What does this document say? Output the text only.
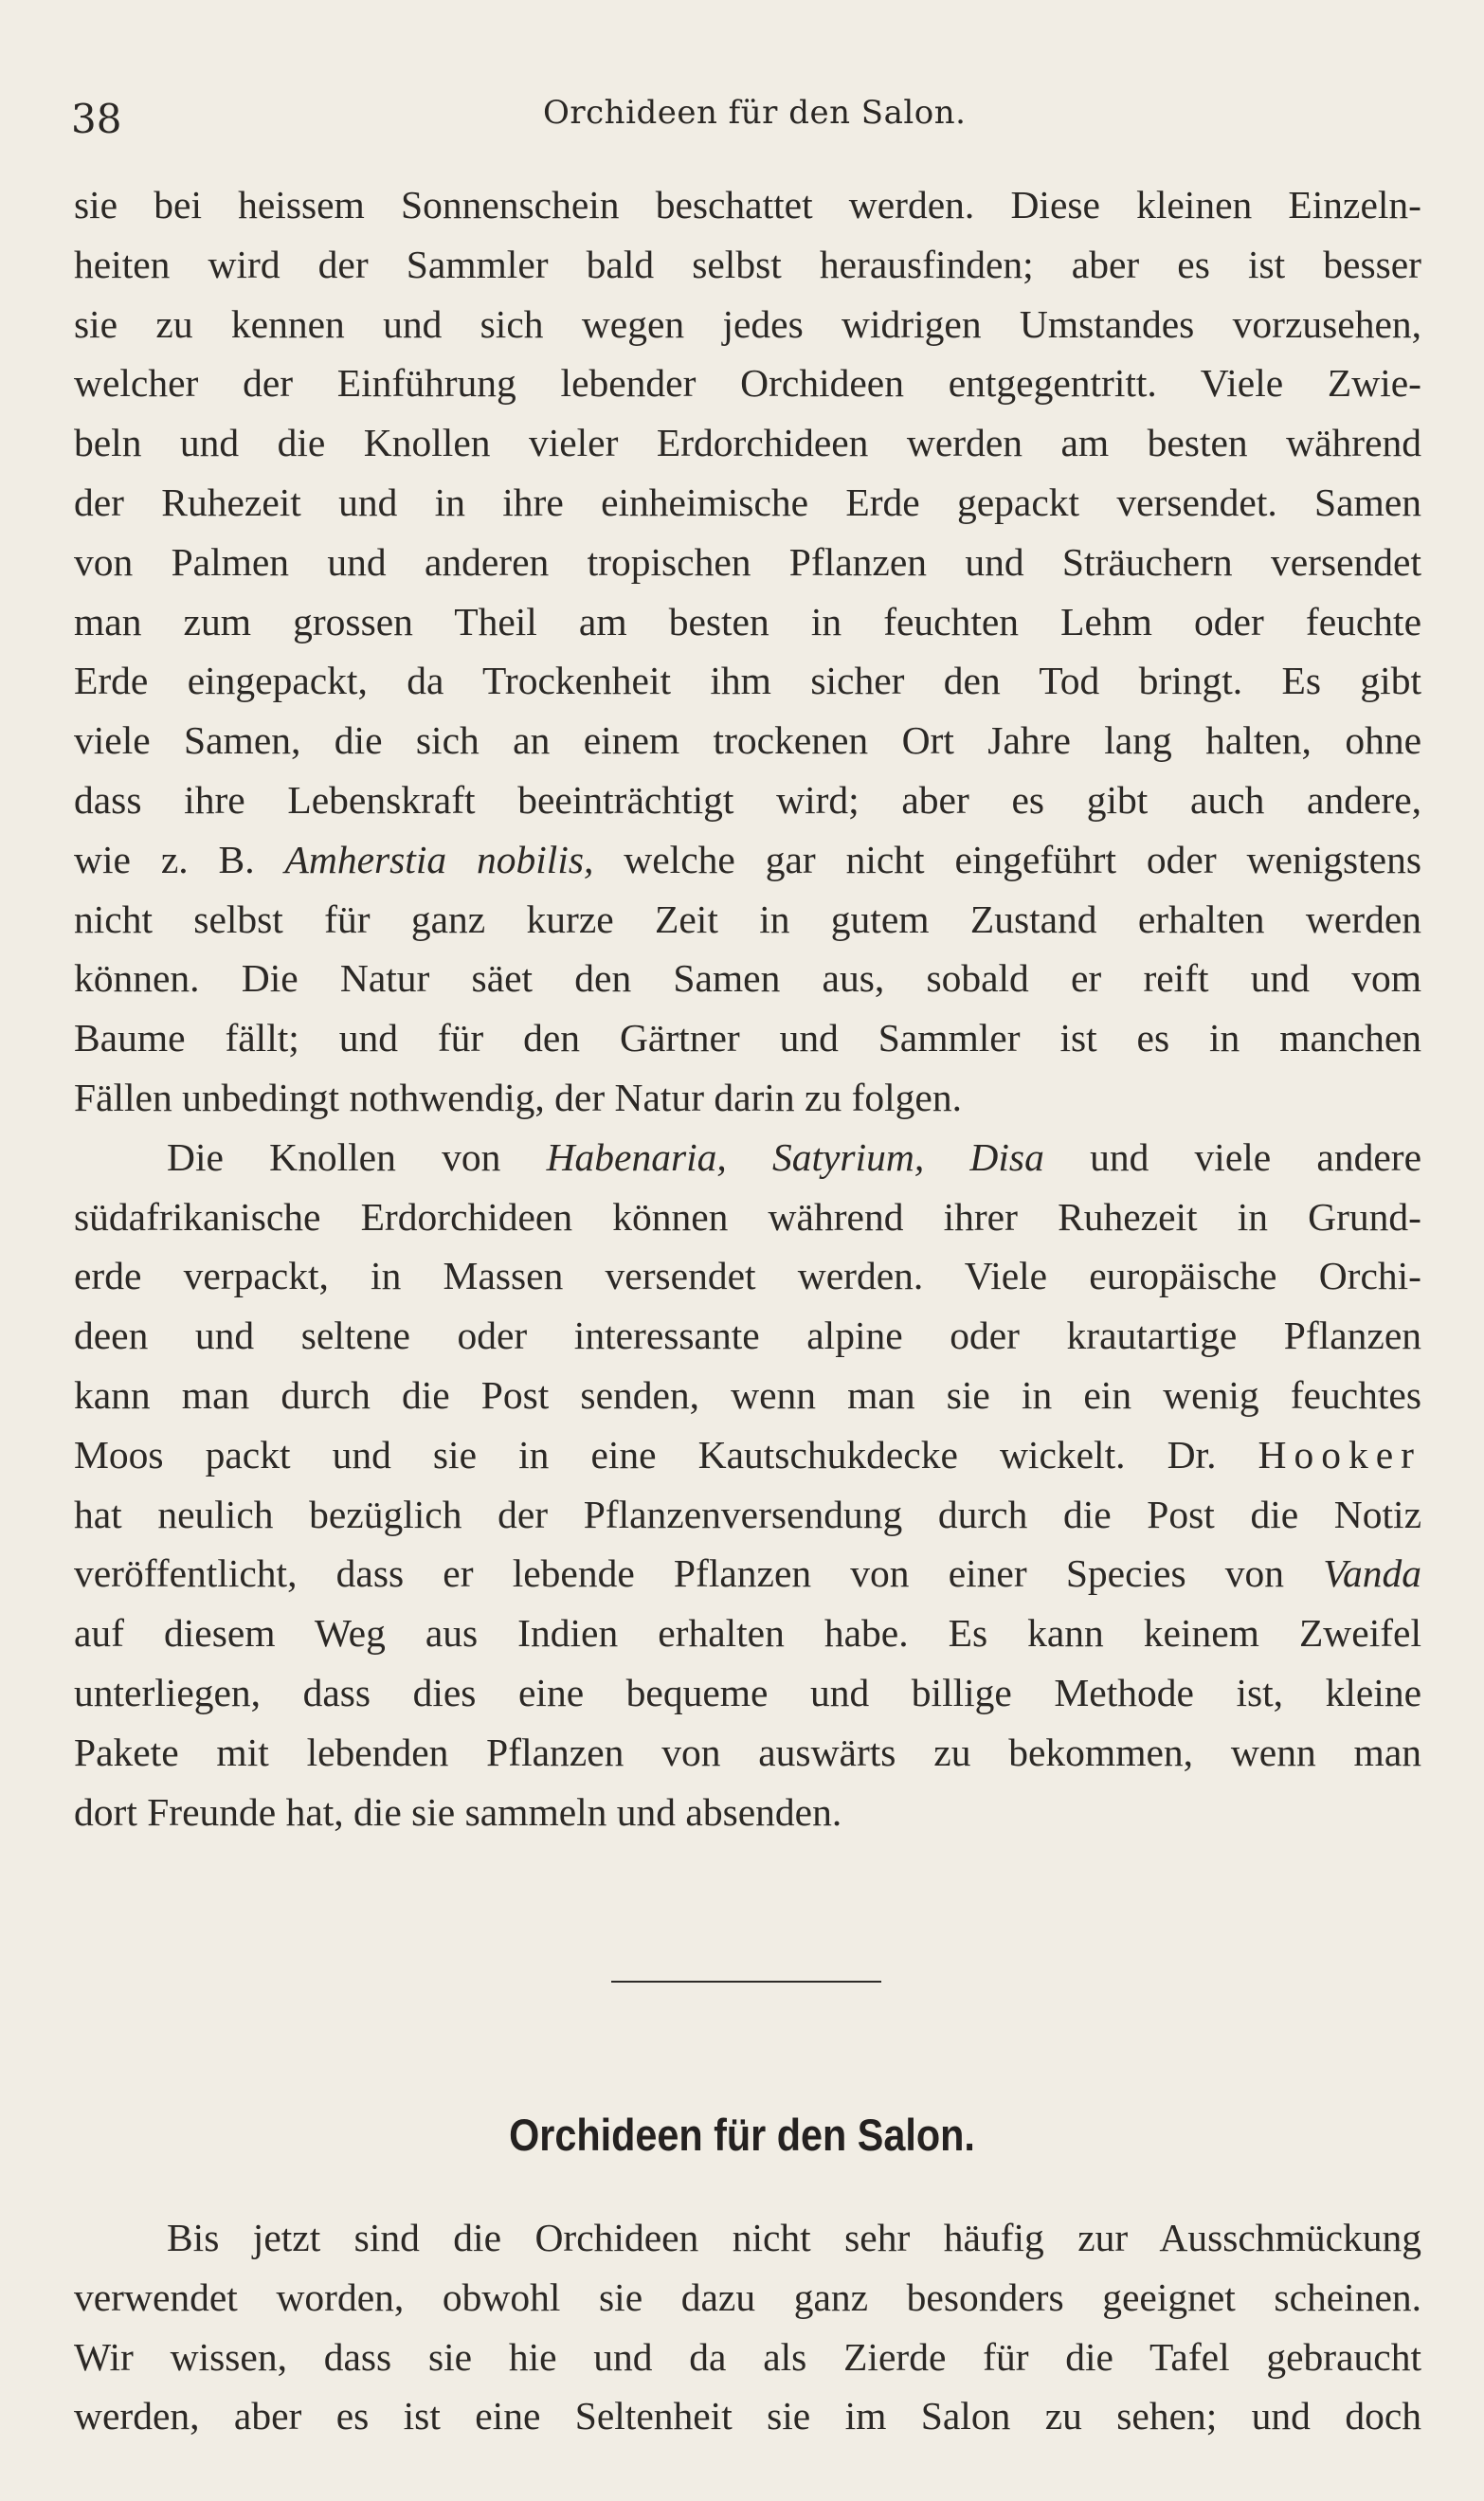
38	Orchideen für den Salon.
sie bei heissem Sonnenschein beschattet werden. Diese kleinen Einzeln-
heiten wird der Sammler bald selbst herausfinden; aber es ist besser
sie zu kennen und sich wegen jedes widrigen Umstandes vorzusehen,
welcher der Einführung lebender Orchideen entgegentritt. Viele Zwie-
beln und die Knollen vieler Erdorchideen werden am besten während
der Ruhezeit und in ihre einheimische Erde gepackt versendet. Samen
von Palmen und anderen tropischen Pflanzen und Sträuchern versendet
man zum grossen Theil am besten in feuchten Lehm oder feuchte
Erde eingepackt, da Trockenheit ihm sicher den Tod bringt. Es gibt
viele Samen, die sich an einem trockenen Ort Jahre lang halten, ohne
dass ihre Lebenskraft beeinträchtigt wird; aber es gibt auch andere,
wie z. B. Amherstia nobilis, welche gar nicht eingeführt oder wenigstens
nicht selbst für ganz kurze Zeit in gutem Zustand erhalten werden
können. Die Natur säet den Samen aus, sobald er reift und vom
Baume fällt; und für den Gärtner und Sammler ist es in manchen
Fällen unbedingt nothwendig, der Natur darin zu folgen.
Die Knollen von Habenaria, Satyrium, Disa und viele andere
südafrikanische Erdorchideen können während ihrer Ruhezeit in Grund-
erde verpackt, in Massen versendet werden. Viele europäische Orchi-
deen und seltene oder interessante alpine oder krautartige Pflanzen
kann man durch die Post senden, wenn man sie in ein wenig feuchtes
Moos packt und sie in eine Kautschukdecke wickelt. Dr. Hooker
hat neulich bezüglich der Pflanzenversendung durch die Post die Notiz
veröffentlicht, dass er lebende Pflanzen von einer Species von Vanda
auf diesem Weg aus Indien erhalten habe. Es kann keinem Zweifel
unterliegen, dass dies eine bequeme und billige Methode ist, kleine
Pakete mit lebenden Pflanzen von auswärts zu bekommen, wenn man
dort Freunde hat, die sie sammeln und absenden.
Orchideen für den Salon.
Bis jetzt sind die Orchideen nicht sehr häufig zur Ausschmückung
verwendet worden, obwohl sie dazu ganz besonders geeignet scheinen.
Wir wissen, dass sie hie und da als Zierde für die Tafel gebraucht
werden, aber es ist eine Seltenheit sie im Salon zu sehen; und doch
